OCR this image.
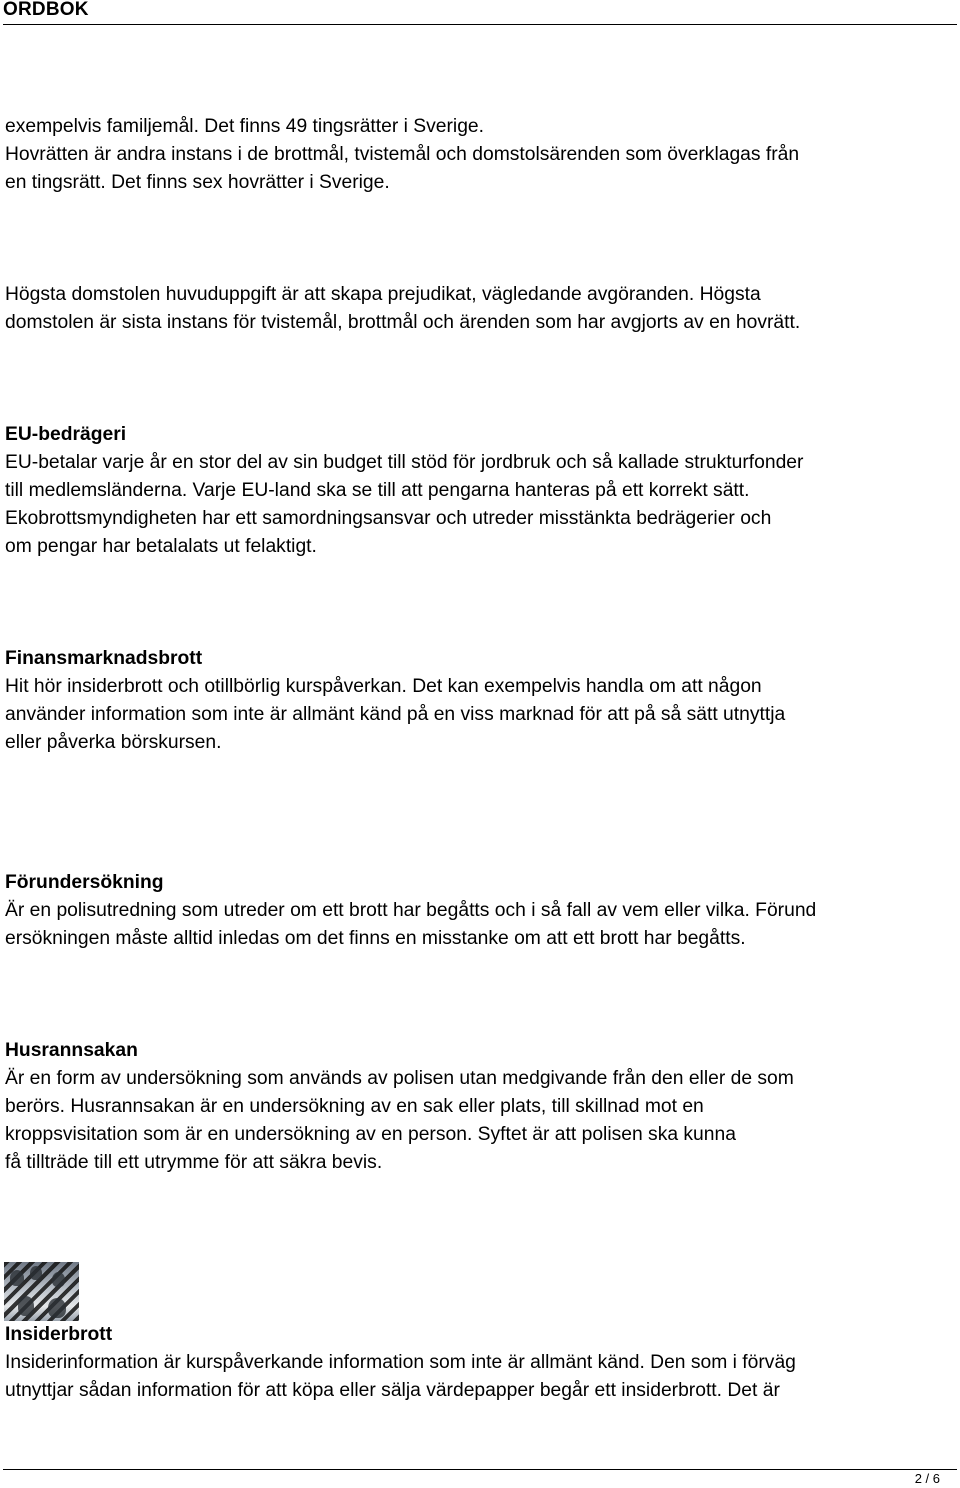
ORDBOK
exempelvis familjemål. Det finns 49 tingsrätter i Sverige.
Hovrätten är andra instans i de brottmål, tvistemål och domstolsärenden som överklagas från
en tingsrätt. Det finns sex hovrätter i Sverige.
Högsta domstolen huvuduppgift är att skapa prejudikat, vägledande avgöranden. Högsta
domstolen är sista instans för tvistemål, brottmål och ärenden som har avgjorts av en hovrätt.
EU-bedrägeri
EU-betalar varje år en stor del av sin budget till stöd för jordbruk och så kallade strukturfonder
till medlemsländerna. Varje EU-land ska se till att pengarna hanteras på ett korrekt sätt.
Ekobrottsmyndigheten har ett samordningsansvar och utreder misstänkta bedrägerier och
om pengar har betalalats ut felaktigt.
Finansmarknadsbrott
Hit hör insiderbrott och otillbörlig kurspåverkan. Det kan exempelvis handla om att någon
använder information som inte är allmänt känd på en viss marknad för att på så sätt utnyttja
eller påverka börskursen.
Förundersökning
Är en polisutredning som utreder om ett brott har begåtts och i så fall av vem eller vilka. Förund
ersökningen måste alltid inledas om det finns en misstanke om att ett brott har begåtts.
Husrannsakan
Är en form av undersökning som används av polisen utan medgivande från den eller de som
berörs. Husrannsakan är en undersökning av en sak eller plats, till skillnad mot en
kroppsvisitation som är en undersökning av en person. Syftet är att polisen ska kunna
få tillträde till ett utrymme för att säkra bevis.
Insiderbrott
Insiderinformation är kurspåverkande information som inte är allmänt känd. Den som i förväg
utnyttjar sådan information för att köpa eller sälja värdepapper begår ett insiderbrott. Det är
2 / 6
